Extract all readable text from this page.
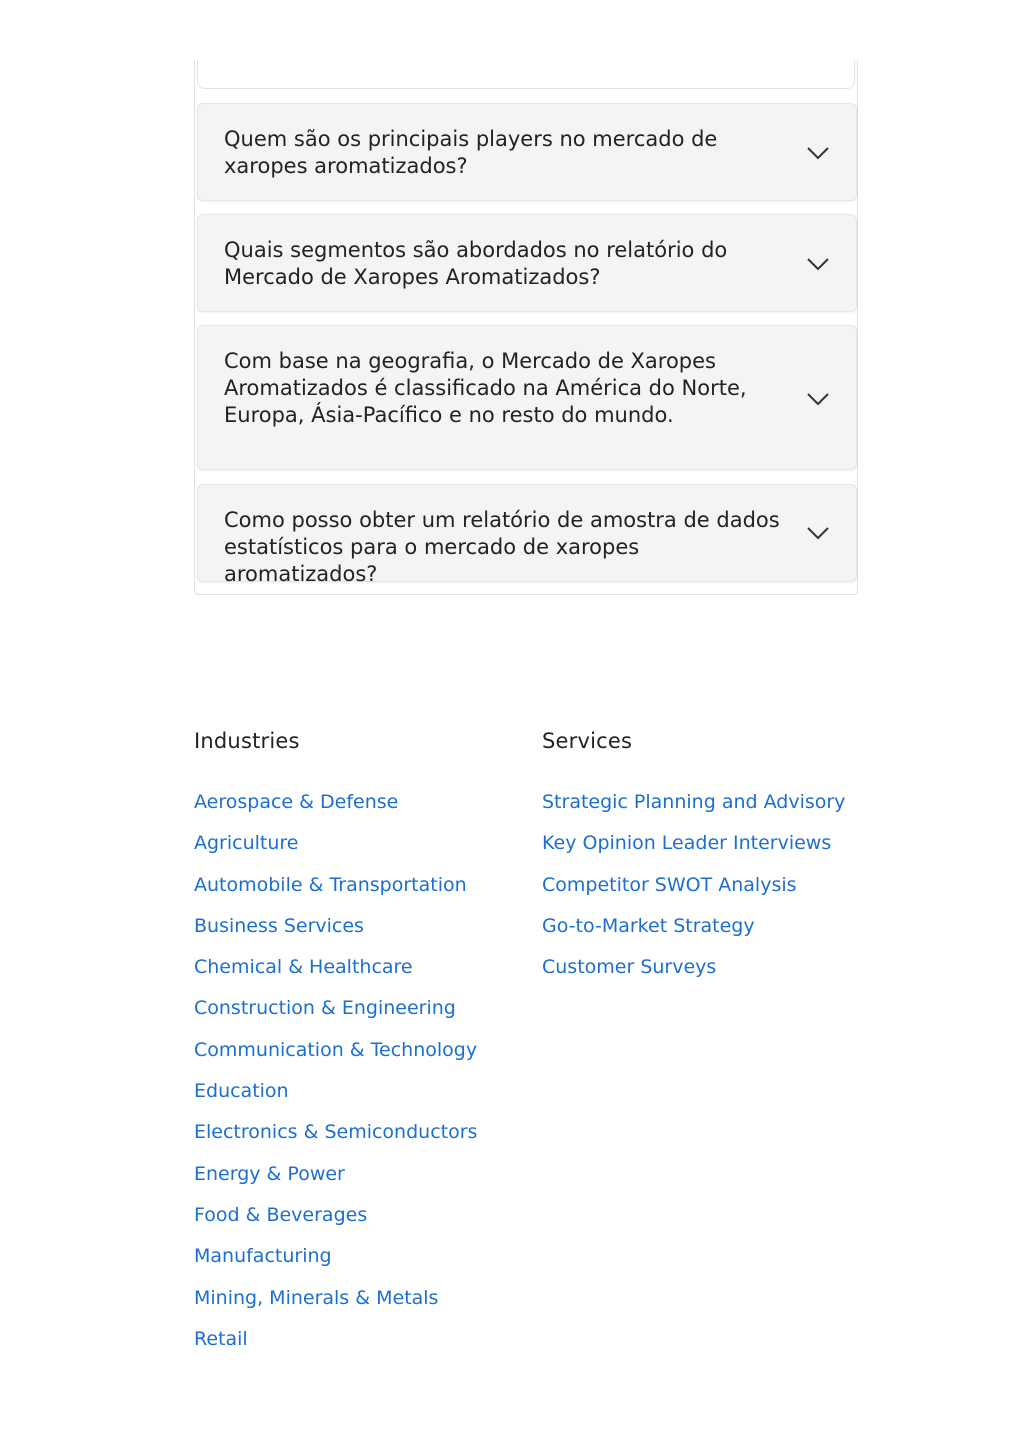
Quem são os principais players no mercado de xaropes aromatizados?

Quais segmentos são abordados no relatório do Mercado de Xaropes Aromatizados?

Com base na geografia, o Mercado de Xaropes Aromatizados é classificado na América do Norte, Europa, Ásia-Pacífico e no resto do mundo.

Como posso obter um relatório de amostra de dados estatísticos para o mercado de xaropes aromatizados?

Industries
Aerospace & Defense
Agriculture
Automobile & Transportation
Business Services
Chemical & Healthcare
Construction & Engineering
Communication & Technology
Education
Electronics & Semiconductors
Energy & Power
Food & Beverages
Manufacturing
Mining, Minerals & Metals
Retail
Services
Strategic Planning and Advisory
Key Opinion Leader Interviews
Competitor SWOT Analysis
Go-to-Market Strategy
Customer Surveys
